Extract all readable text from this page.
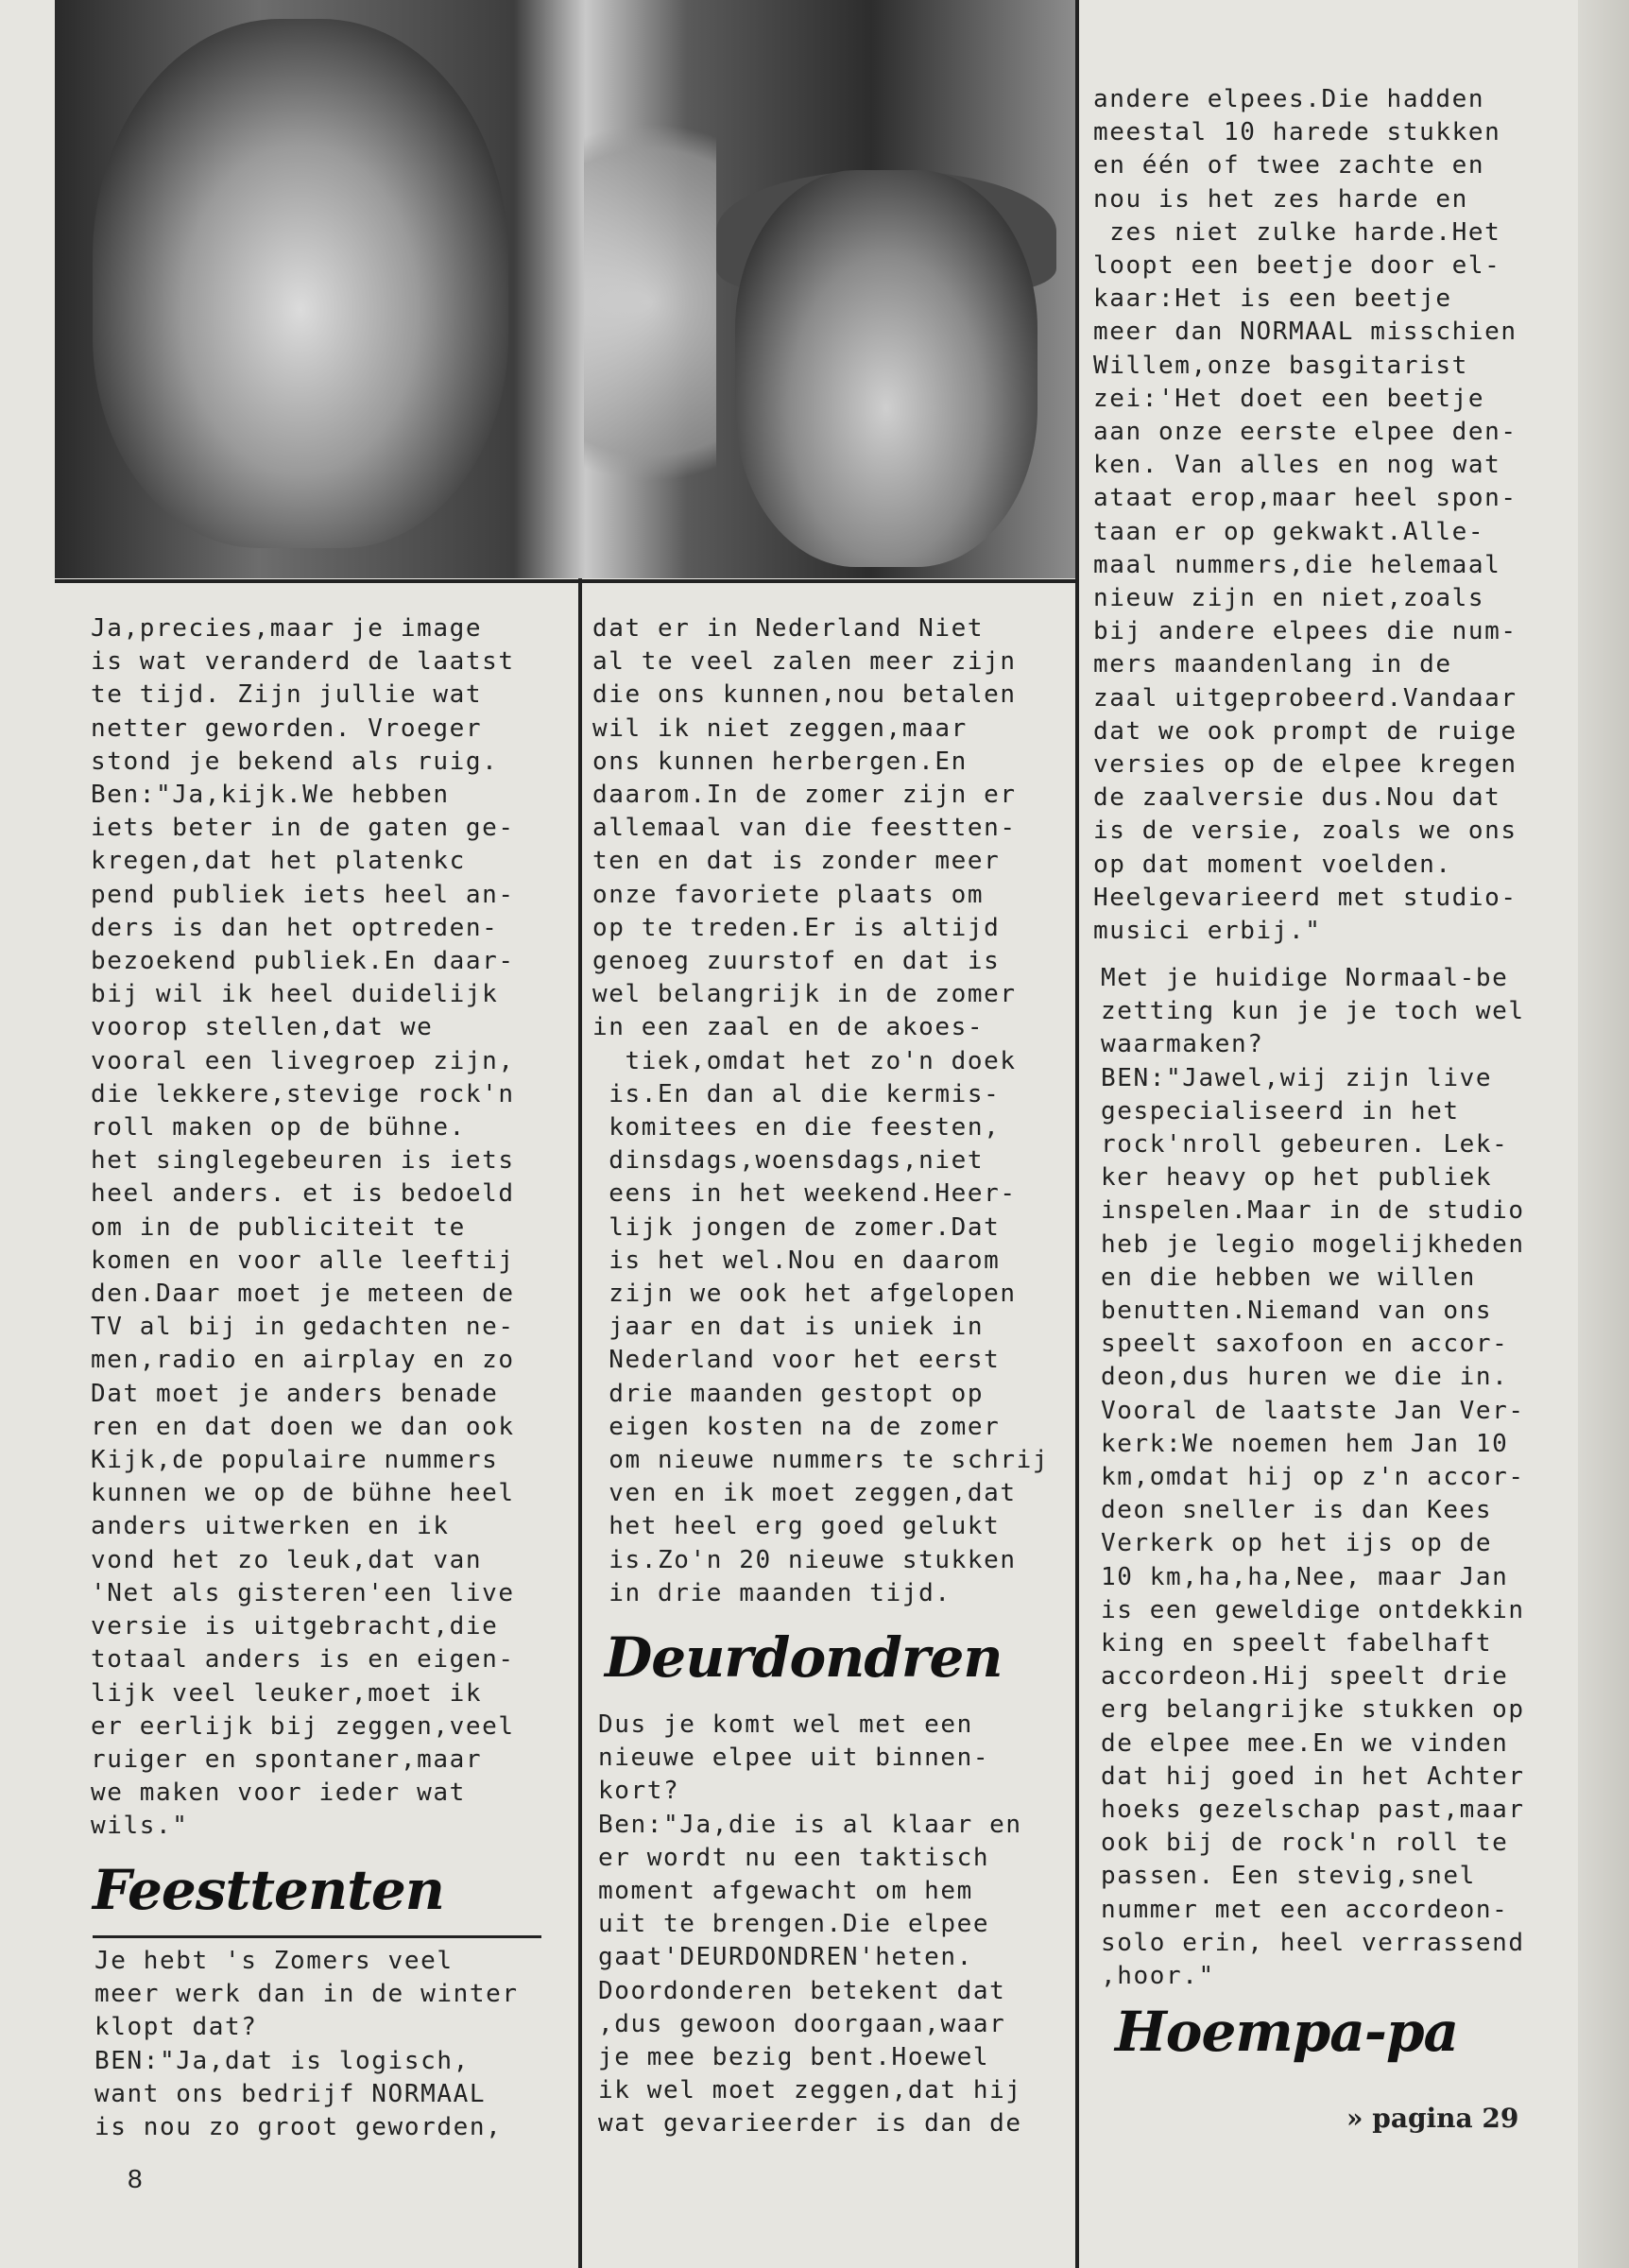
Ja,precies,maar je image
is wat veranderd de laatst
te tijd. Zijn jullie wat
netter geworden. Vroeger
stond je bekend als ruig.
Ben:"Ja,kijk.We hebben
iets beter in de gaten ge-
kregen,dat het platenkc
pend publiek iets heel an-
ders is dan het optreden-
bezoekend publiek.En daar-
bij wil ik heel duidelijk
voorop stellen,dat we
vooral een livegroep zijn,
die lekkere,stevige rock'n
roll maken op de bühne.
het singlegebeuren is iets
heel anders. et is bedoeld
om in de publiciteit te
komen en voor alle leeftij
den.Daar moet je meteen de
TV al bij in gedachten ne-
men,radio en airplay en zo
Dat moet je anders benade
ren en dat doen we dan ook
Kijk,de populaire nummers
kunnen we op de bühne heel
anders uitwerken en ik
vond het zo leuk,dat van
'Net als gisteren'een live
versie is uitgebracht,die
totaal anders is en eigen-
lijk veel leuker,moet ik
er eerlijk bij zeggen,veel
ruiger en spontaner,maar
we maken voor ieder wat
wils."
Feesttenten
Je hebt 's Zomers veel
meer werk dan in de winter
klopt dat?
BEN:"Ja,dat is logisch,
want ons bedrijf NORMAAL
is nou zo groot geworden,
dat er in Nederland Niet
al te veel zalen meer zijn
die ons kunnen,nou betalen
wil ik niet zeggen,maar
ons kunnen herbergen.En
daarom.In de zomer zijn er
allemaal van die feestten-
ten en dat is zonder meer
onze favoriete plaats om
op te treden.Er is altijd
genoeg zuurstof en dat is
wel belangrijk in de zomer
in een zaal en de akoes-
tiek,omdat het zo'n doek
is.En dan al die kermis-
komitees en die feesten,
dinsdags,woensdags,niet
eens in het weekend.Heer-
lijk jongen de zomer.Dat
is het wel.Nou en daarom
zijn we ook het afgelopen
jaar en dat is uniek in
Nederland voor het eerst
drie maanden gestopt op
eigen kosten na de zomer
om nieuwe nummers te schrij
ven en ik moet zeggen,dat
het heel erg goed gelukt
is.Zo'n 20 nieuwe stukken
in drie maanden tijd.
Deurdondren
Dus je komt wel met een
nieuwe elpee uit binnen-
kort?
Ben:"Ja,die is al klaar en
er wordt nu een taktisch
moment afgewacht om hem
uit te brengen.Die elpee
gaat'DEURDONDREN'heten.
Doordonderen betekent dat
,dus gewoon doorgaan,waar
je mee bezig bent.Hoewel
ik wel moet zeggen,dat hij
wat gevarieerder is dan de
andere elpees.Die hadden
meestal 10 harede stukken
en één of twee zachte en
nou is het zes harde en
zes niet zulke harde.Het
loopt een beetje door el-
kaar:Het is een beetje
meer dan NORMAAL misschien
Willem,onze basgitarist
zei:'Het doet een beetje
aan onze eerste elpee den-
ken. Van alles en nog wat
ataat erop,maar heel spon-
taan er op gekwakt.Alle-
maal nummers,die helemaal
nieuw zijn en niet,zoals
bij andere elpees die num-
mers maandenlang in de
zaal uitgeprobeerd.Vandaar
dat we ook prompt de ruige
versies op de elpee kregen
de zaalversie dus.Nou dat
is de versie, zoals we ons
op dat moment voelden.
Heelgevarieerd met studio-
musici erbij."
Met je huidige Normaal-be
zetting kun je je toch wel
waarmaken?
BEN:"Jawel,wij zijn live
gespecialiseerd in het
rock'nroll gebeuren. Lek-
ker heavy op het publiek
inspelen.Maar in de studio
heb je legio mogelijkheden
en die hebben we willen
benutten.Niemand van ons
speelt saxofoon en accor-
deon,dus huren we die in.
Vooral de laatste Jan Ver-
kerk:We noemen hem Jan 10
km,omdat hij op z'n accor-
deon sneller is dan Kees
Verkerk op het ijs op de
10 km,ha,ha,Nee, maar Jan
is een geweldige ontdekkin
king en speelt fabelhaft
accordeon.Hij speelt drie
erg belangrijke stukken op
de elpee mee.En we vinden
dat hij goed in het Achter
hoeks gezelschap past,maar
ook bij de rock'n roll te
passen. Een stevig,snel
nummer met een accordeon-
solo erin, heel verrassend
,hoor."
Hoempa-pa
8
» pagina 29
